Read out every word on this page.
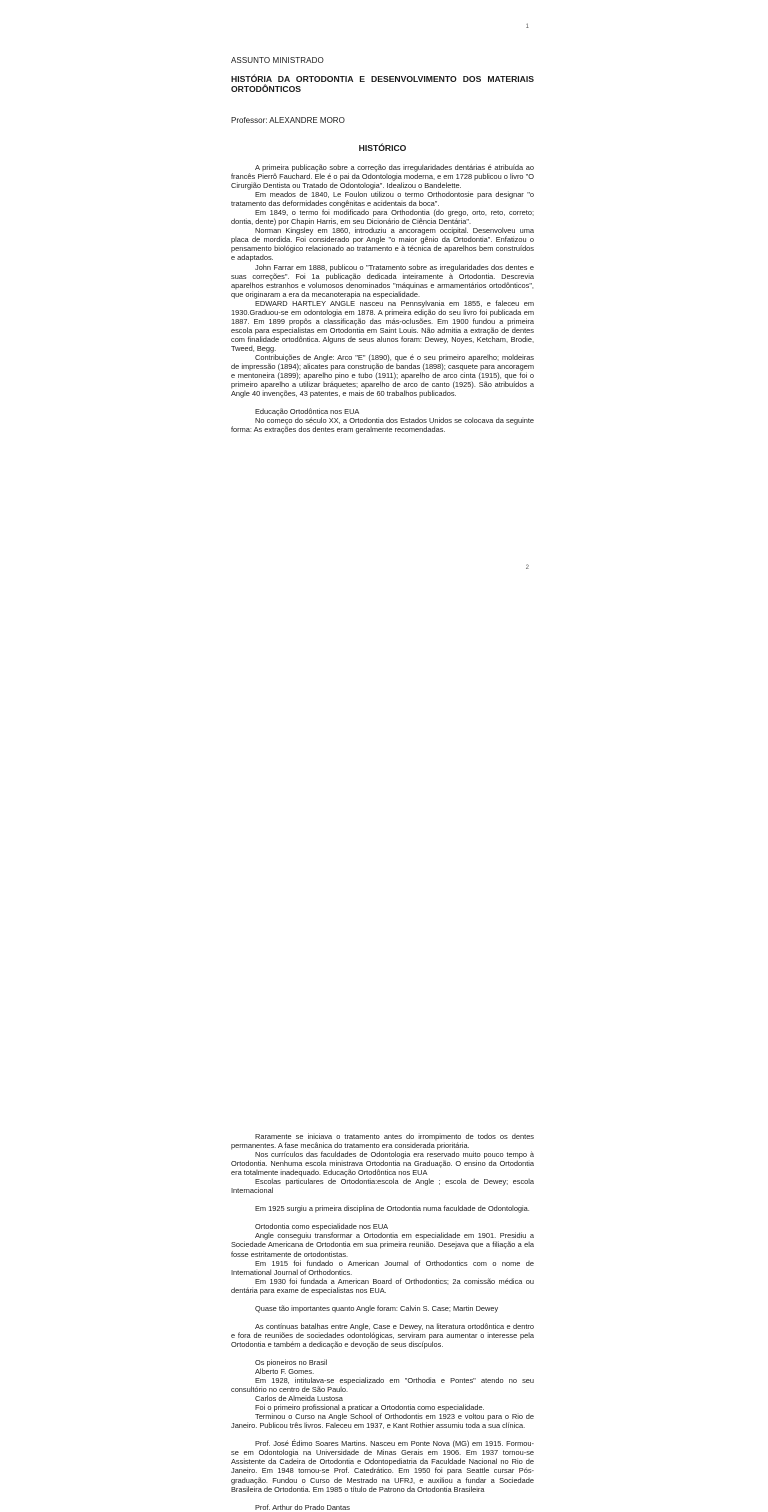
1
ASSUNTO MINISTRADO
HISTÓRIA DA ORTODONTIA E DESENVOLVIMENTO DOS MATERIAIS ORTODÔNTICOS
Professor: ALEXANDRE MORO
HISTÓRICO

A primeira publicação sobre a correção das irregularidades dentárias é atribuída ao francês Pierrô Fauchard. Ele é o pai da Odontologia moderna, e em 1728 publicou o livro "O Cirurgião Dentista ou Tratado de Odontologia". Idealizou o Bandelette.

Em meados de 1840, Le Foulon utilizou o termo Orthodontosie para designar "o tratamento das deformidades congênitas e acidentais da boca".

Em 1849, o termo foi modificado para Orthodontia (do grego, orto, reto, correto; dontia, dente) por Chapin Harris, em seu Dicionário de Ciência Dentária".

Norman Kingsley em 1860, introduziu a ancoragem occipital. Desenvolveu uma placa de mordida. Foi considerado por Angle "o maior gênio da Ortodontia". Enfatizou o pensamento biológico relacionado ao tratamento e à técnica de aparelhos bem construídos e adaptados.

John Farrar em 1888, publicou o "Tratamento sobre as irregularidades dos dentes e suas correções". Foi 1a publicação dedicada inteiramente à Ortodontia. Descrevia aparelhos estranhos e volumosos denominados "máquinas e armamentários ortodônticos", que originaram a era da mecanoterapia na especialidade.

EDWARD HARTLEY ANGLE nasceu na Pennsylvania em 1855, e faleceu em 1930.Graduou-se em odontologia em 1878. A primeira edição do seu livro foi publicada em 1887. Em 1899 propôs a classificação das más-oclusões. Em 1900 fundou a primeira escola para especialistas em Ortodontia em Saint Louis. Não admitia a extração de dentes com finalidade ortodôntica. Alguns de seus alunos foram: Dewey, Noyes, Ketcham, Brodie, Tweed, Begg.

Contribuições de Angle: Arco "E" (1890), que é o seu primeiro aparelho; moldeiras de impressão (1894); alicates para construção de bandas (1898); casquete para ancoragem e mentoneira (1899); aparelho pino e tubo (1911); aparelho de arco cinta (1915), que foi o primeiro aparelho a utilizar bráquetes; aparelho de arco de canto (1925). São atribuídos a Angle 40 invenções, 43 patentes, e mais de 60 trabalhos publicados.

Educação Ortodôntica nos EUA

No começo do século XX, a Ortodontia dos Estados Unidos se colocava da seguinte forma: As extrações dos dentes eram geralmente recomendadas.

2

Raramente se iniciava o tratamento antes do irrompimento de todos os dentes permanentes. A fase mecânica do tratamento era considerada prioritária.

Nos currículos das faculdades de Odontologia era reservado muito pouco tempo à Ortodontia. Nenhuma escola ministrava Ortodontia na Graduação. O ensino da Ortodontia era totalmente inadequado. Educação Ortodôntica nos EUA

Escolas particulares de Ortodontia:escola de Angle ; escola de Dewey; escola Internacional

Em 1925 surgiu a primeira disciplina de Ortodontia numa faculdade de Odontologia.

Ortodontia como especialidade nos EUA

Angle conseguiu transformar a Ortodontia em especialidade em 1901. Presidiu a Sociedade Americana de Ortodontia em sua primeira reunião. Desejava que a filiação a ela fosse estritamente de ortodontistas.

Em 1915 foi fundado o American Journal of Orthodontics com o nome de International Journal of Orthodontics.

Em 1930 foi fundada a American Board of Orthodontics; 2a comissão médica ou dentária para exame de especialistas nos EUA.

Quase tão importantes quanto Angle foram: Calvin S. Case; Martin Dewey

As contínuas batalhas entre Angle, Case e Dewey, na literatura ortodôntica e dentro e fora de reuniões de sociedades odontológicas, serviram para aumentar o interesse pela Ortodontia e também a dedicação e devoção de seus discípulos.

Os pioneiros no Brasil

Alberto F. Gomes.

Em 1928, intitulava-se especializado em "Orthodia e Pontes" atendo no seu consultório no centro de São Paulo.

Carlos de Almeida Lustosa

Foi o primeiro profissional a praticar a Ortodontia como especialidade.

Terminou o Curso na Angle School of Orthodontis em 1923 e voltou para o Rio de Janeiro. Publicou três livros. Faleceu em 1937, e Kant Rothier assumiu toda a sua clínica.

Prof. José Édimo Soares Martins. Nasceu em Ponte Nova (MG) em 1915. Formou-se em Odontologia na Universidade de Minas Gerais em 1906. Em 1937 tornou-se Assistente da Cadeira de Ortodontia e Odontopediatria da Faculdade Nacional no Rio de Janeiro. Em 1948 tornou-se Prof. Catedrático. Em 1950 foi para Seattle cursar Pós-graduação. Fundou o Curso de Mestrado na UFRJ, e auxiliou a fundar a Sociedade Brasileira de Ortodontia. Em 1985 o título de Patrono da Ortodontia Brasileira

Prof. Arthur do Prado Dantas
